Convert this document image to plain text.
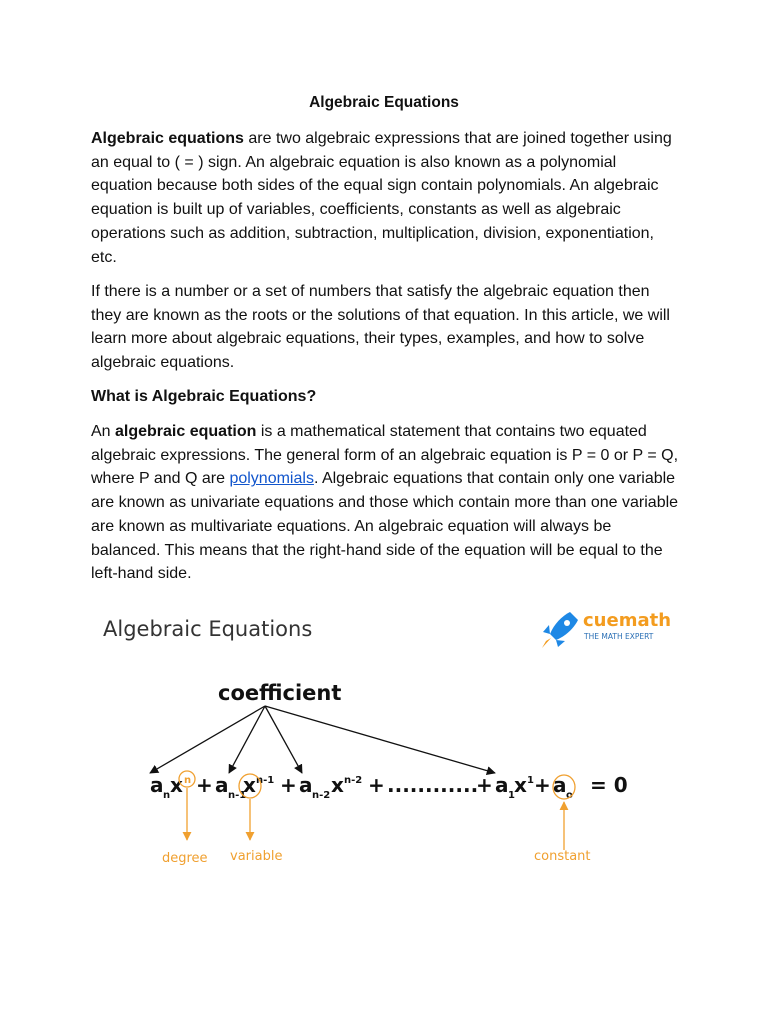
Algebraic Equations

Algebraic equations are two algebraic expressions that are joined together using an equal to ( = ) sign. An algebraic equation is also known as a polynomial equation because both sides of the equal sign contain polynomials. An algebraic equation is built up of variables, coefficients, constants as well as algebraic operations such as addition, subtraction, multiplication, division, exponentiation, etc.

If there is a number or a set of numbers that satisfy the algebraic equation then they are known as the roots or the solutions of that equation. In this article, we will learn more about algebraic equations, their types, examples, and how to solve algebraic equations.

What is Algebraic Equations?

An algebraic equation is a mathematical statement that contains two equated algebraic expressions. The general form of an algebraic equation is P = 0 or P = Q, where P and Q are polynomials. Algebraic equations that contain only one variable are known as univariate equations and those which contain more than one variable are known as multivariate equations. An algebraic equation will always be balanced. This means that the right-hand side of the equation will be equal to the left-hand side.

Algebraic Equations	cuemath
THE MATH EXPERT
coefficient
a n x n + a n-1
x n-1 + a n-2 x n-2 + ............
+ a 1 x 1 + a o = 0
degree variable	constant
